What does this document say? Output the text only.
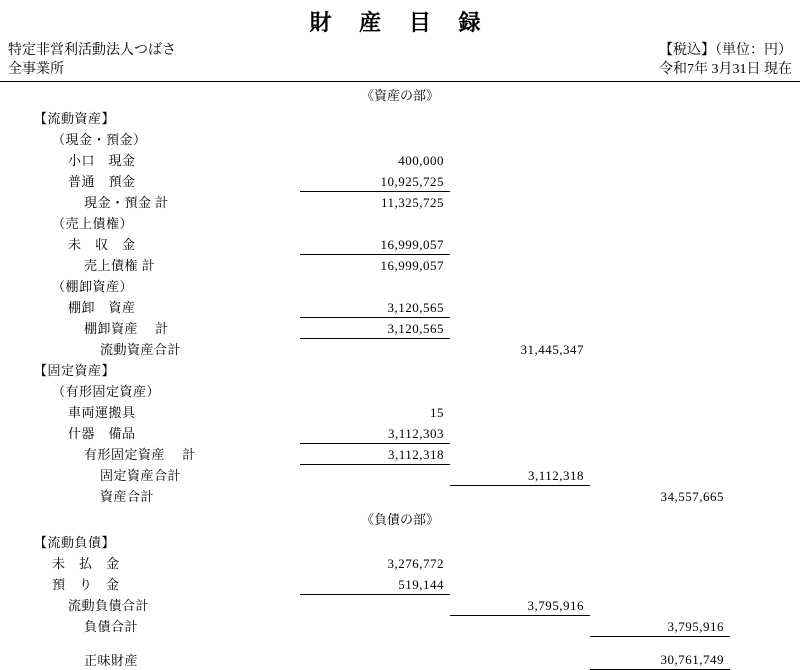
財 産 目 録
特定非営利活動法人つばさ
全事業所
【税込】（単位：円）
令和7年 3月31日 現在
《資産の部》
【流動資産】				
（現金・預金）				
小口　現金	400,000			
普通　預金	10,925,725			
現金・預金 計	11,325,725			
（売上債権）				
未　収　金	16,999,057			
売上債権 計	16,999,057			
（棚卸資産）				
棚卸　資産	3,120,565			
棚卸資産　 計	3,120,565			
流動資産合計		31,445,347		
【固定資産】				
（有形固定資産）				
車両運搬具	15			
什器　備品	3,112,303			
有形固定資産　 計	3,112,318			
固定資産合計		3,112,318		
資産合計			34,557,665	
《負債の部》
【流動負債】				
未　払　金	3,276,772			
預　り　金	519,144			
流動負債合計		3,795,916		
負債合計			3,795,916	

正味財産			30,761,749	
